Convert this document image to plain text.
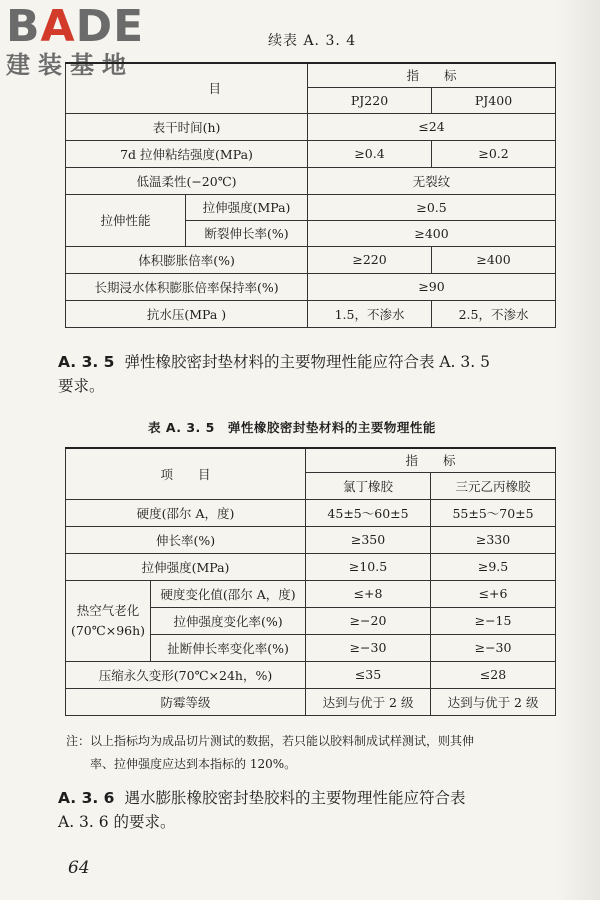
BADE
建装基地
续表 A. 3. 4
目		指　　标	
		PJ220	PJ400
表干时间(h)		≤24	
7d 拉伸粘结强度(MPa)		≥0.4	≥0.2
低温柔性(−20℃)		无裂纹	
拉伸性能	拉伸强度(MPa)	≥0.5	
	断裂伸长率(%)	≥400	
体积膨胀倍率(%)		≥220	≥400
长期浸水体积膨胀倍率保持率(%)		≥90	
抗水压(MPa )		1.5，不渗水	2.5，不渗水
A. 3. 5 弹性橡胶密封垫材料的主要物理性能应符合表 A. 3. 5
要求。
表 A. 3. 5　弹性橡胶密封垫材料的主要物理性能
项　　目		指　　标	
		氯丁橡胶	三元乙丙橡胶
硬度(邵尔 A，度)		45±5～60±5	55±5～70±5
伸长率(%)		≥350	≥330
拉伸强度(MPa)		≥10.5	≥9.5

热空气老化
(70℃×96h)	硬度变化值(邵尔 A，度)	≤+8	≤+6
	拉伸强度变化率(%)	≥−20	≥−15
	扯断伸长率变化率(%)	≥−30	≥−30
压缩永久变形(70℃×24h，%)		≤35	≤28
防霉等级		达到与优于 2 级	达到与优于 2 级
注：以上指标均为成品切片测试的数据，若只能以胶料制成试样测试，则其伸
率、拉伸强度应达到本指标的 120%。
A. 3. 6 遇水膨胀橡胶密封垫胶料的主要物理性能应符合表
A. 3. 6 的要求。
64
